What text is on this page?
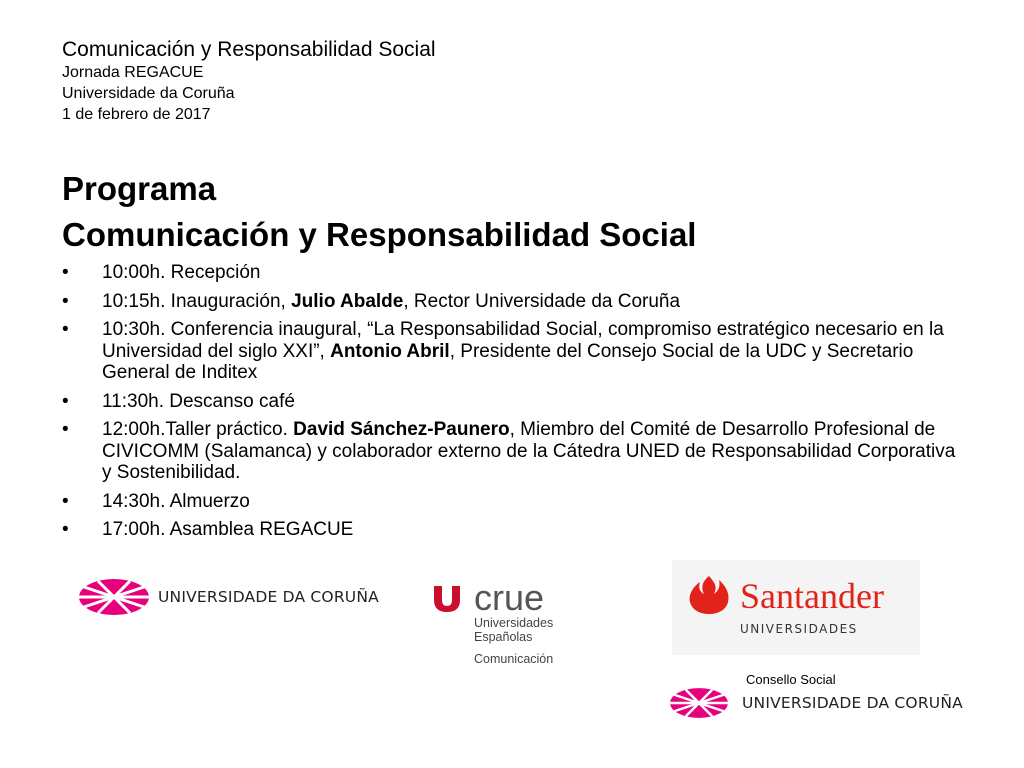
Comunicación y Responsabilidad Social
Jornada REGACUE
Universidade da Coruña
1 de febrero de 2017
Programa
Comunicación y Responsabilidad Social
• 10:00h. Recepción
• 10:15h. Inauguración, Julio Abalde, Rector Universidade da Coruña
• 10:30h. Conferencia inaugural, “La Responsabilidad Social, compromiso estratégico necesario en la Universidad del siglo XXI”, Antonio Abril, Presidente del Consejo Social de la UDC y Secretario General de Inditex
• 11:30h. Descanso café
• 12:00h.Taller práctico. David Sánchez-Paunero, Miembro del Comité de Desarrollo Profesional de CIVICOMM (Salamanca) y colaborador externo de la Cátedra UNED de Responsabilidad Corporativa y Sostenibilidad.
• 14:30h. Almuerzo
• 17:00h. Asamblea REGACUE
UNIVERSIDADE DA CORUÑA	crue
Universidades
Españolas
Comunicación
Santander
UNIVERSIDADES
Consello Social
UNIVERSIDADE DA CORUÑA
